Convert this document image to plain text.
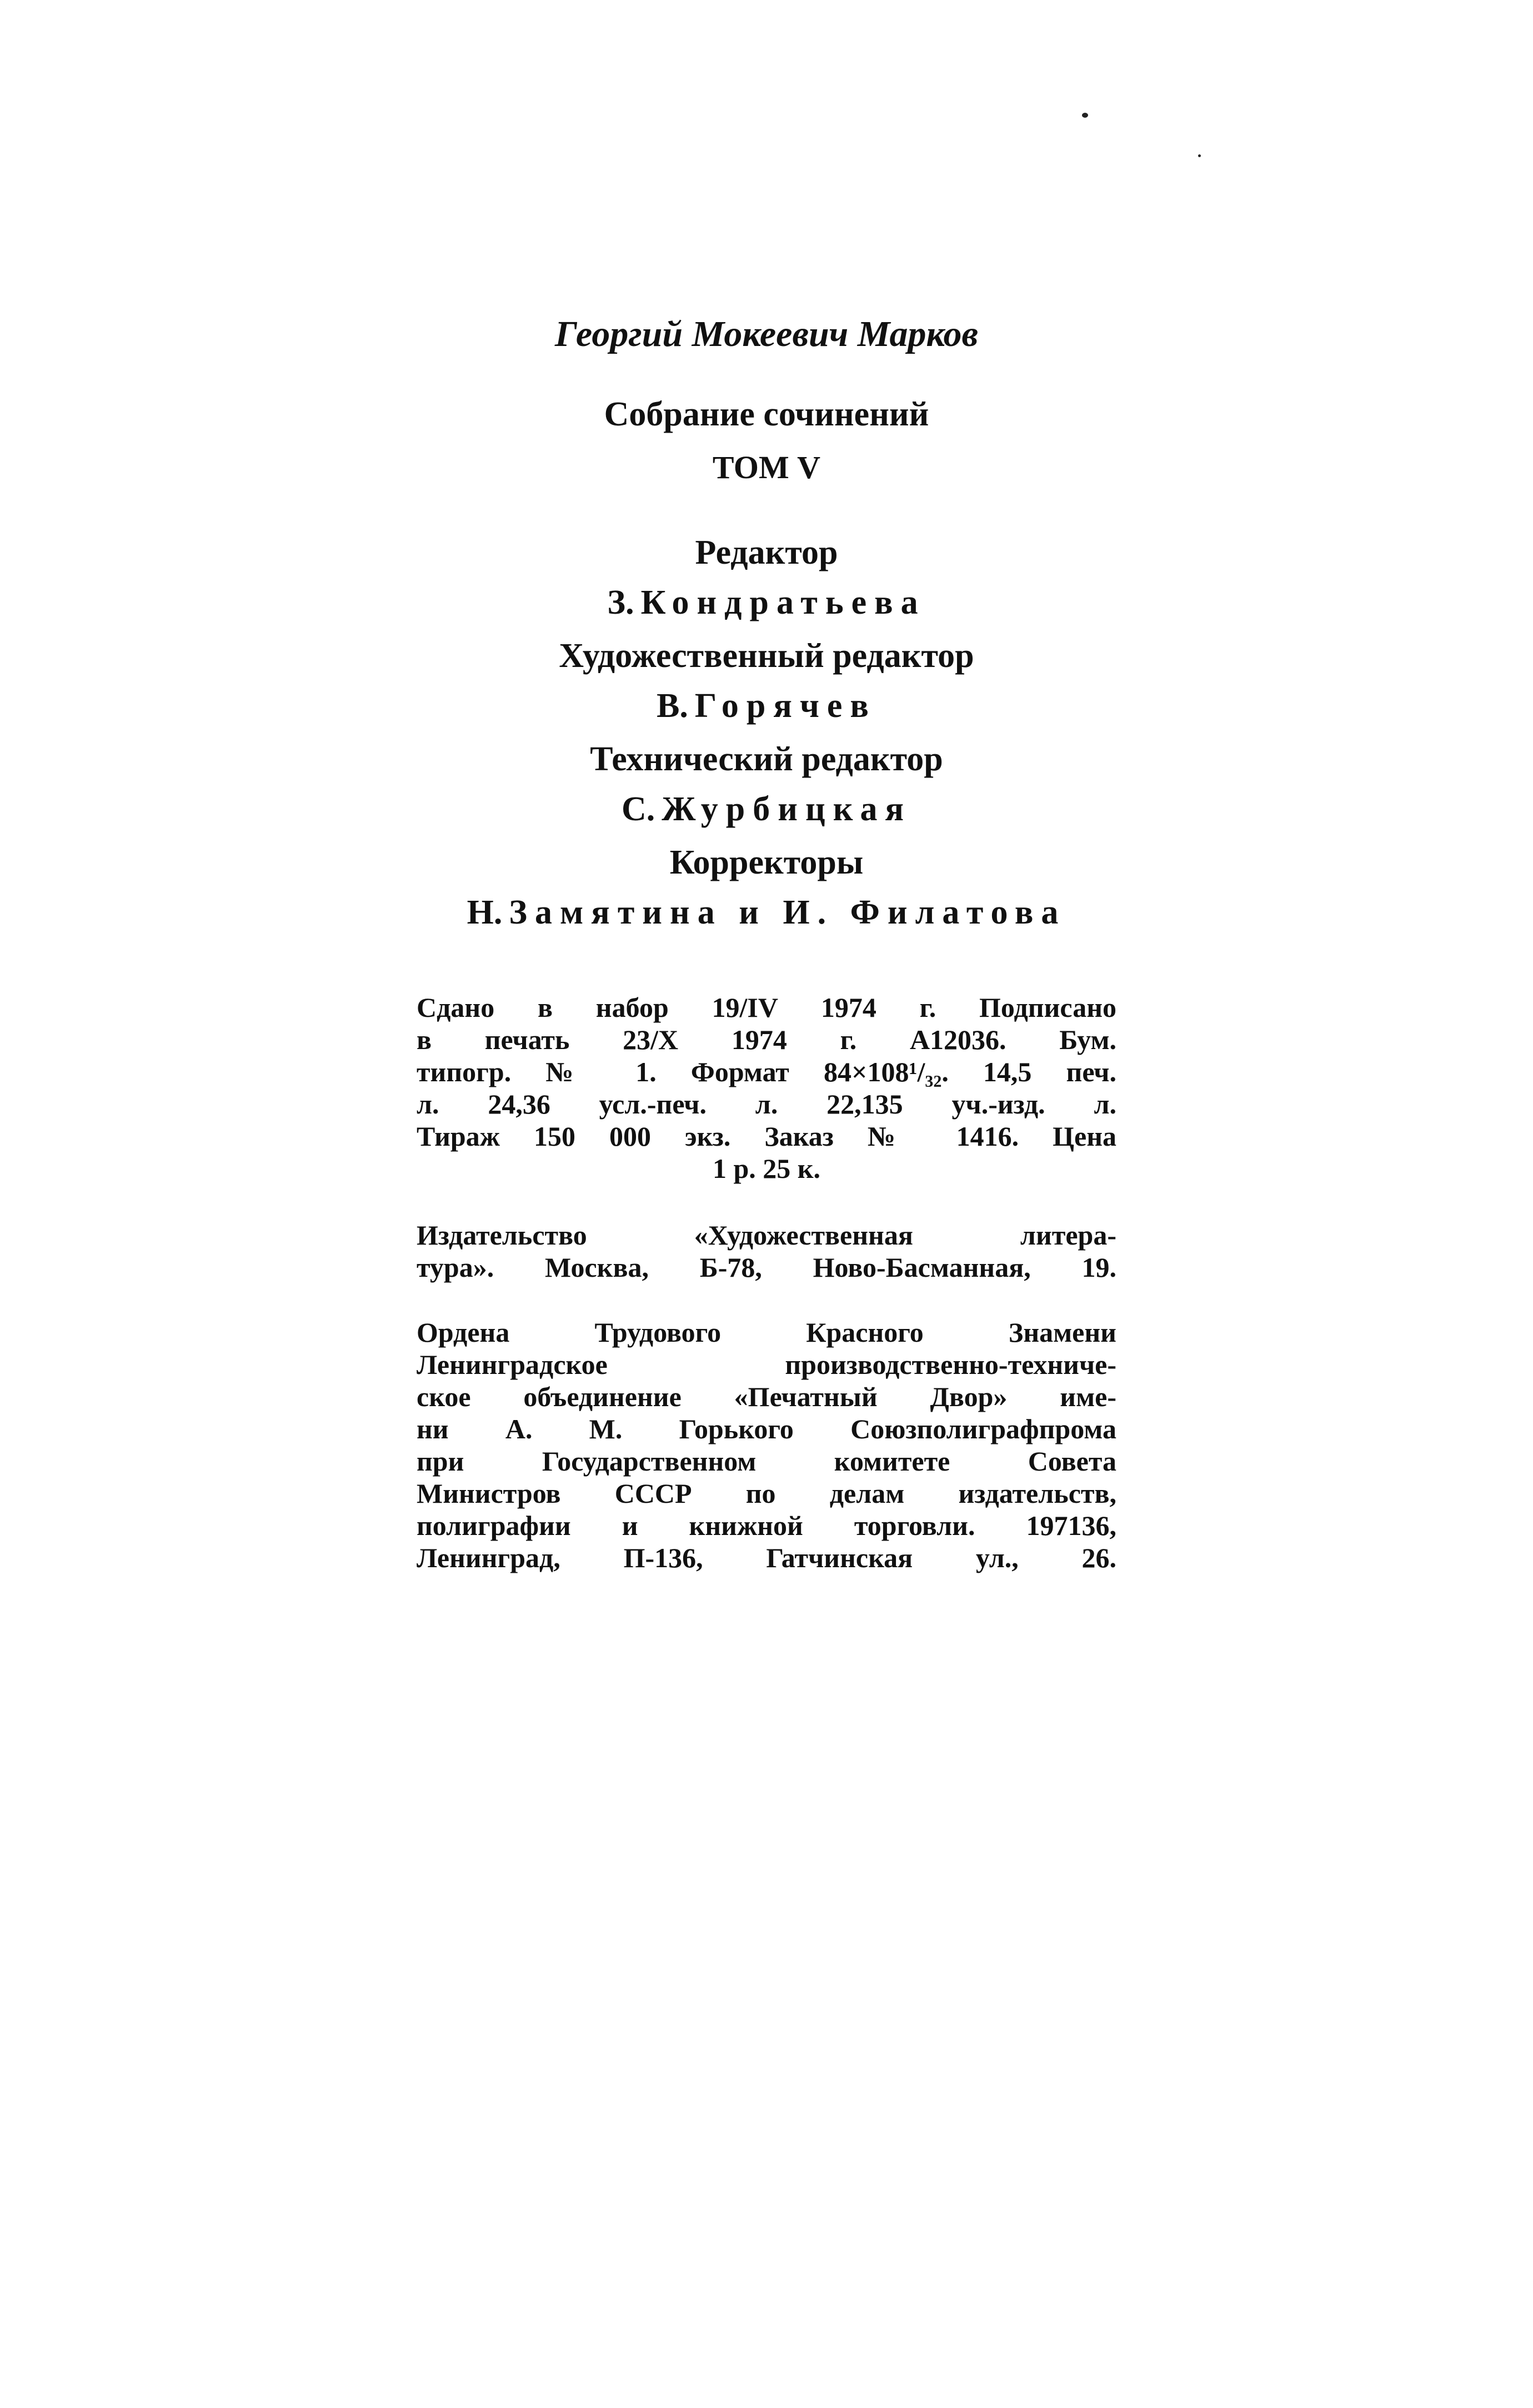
Георгий Мокеевич Марков
Собрание сочинений
ТОМ V
Редактор
З. Кондратьева
Художественный редактор
В. Горячев
Технический редактор
С. Журбицкая
Корректоры
Н. Замятина и И. Филатова
Сдано в набор 19/IV 1974 г. Подписано
в печать 23/X 1974 г. А12036. Бум.
типогр. № 1. Формат 84×108¹/₃₂. 14,5 печ.
л. 24,36 усл.-печ. л. 22,135 уч.-изд. л.
Тираж 150 000 экз. Заказ № 1416. Цена
1 р. 25 к.
Издательство «Художественная литера-
тура». Москва, Б-78, Ново-Басманная, 19.
Ордена Трудового Красного Знамени
Ленинградское производственно-техниче-
ское объединение «Печатный Двор» име-
ни А. М. Горького Союзполиграфпрома
при Государственном комитете Совета
Министров СССР по делам издательств,
полиграфии и книжной торговли. 197136,
Ленинград, П-136, Гатчинская ул., 26.
